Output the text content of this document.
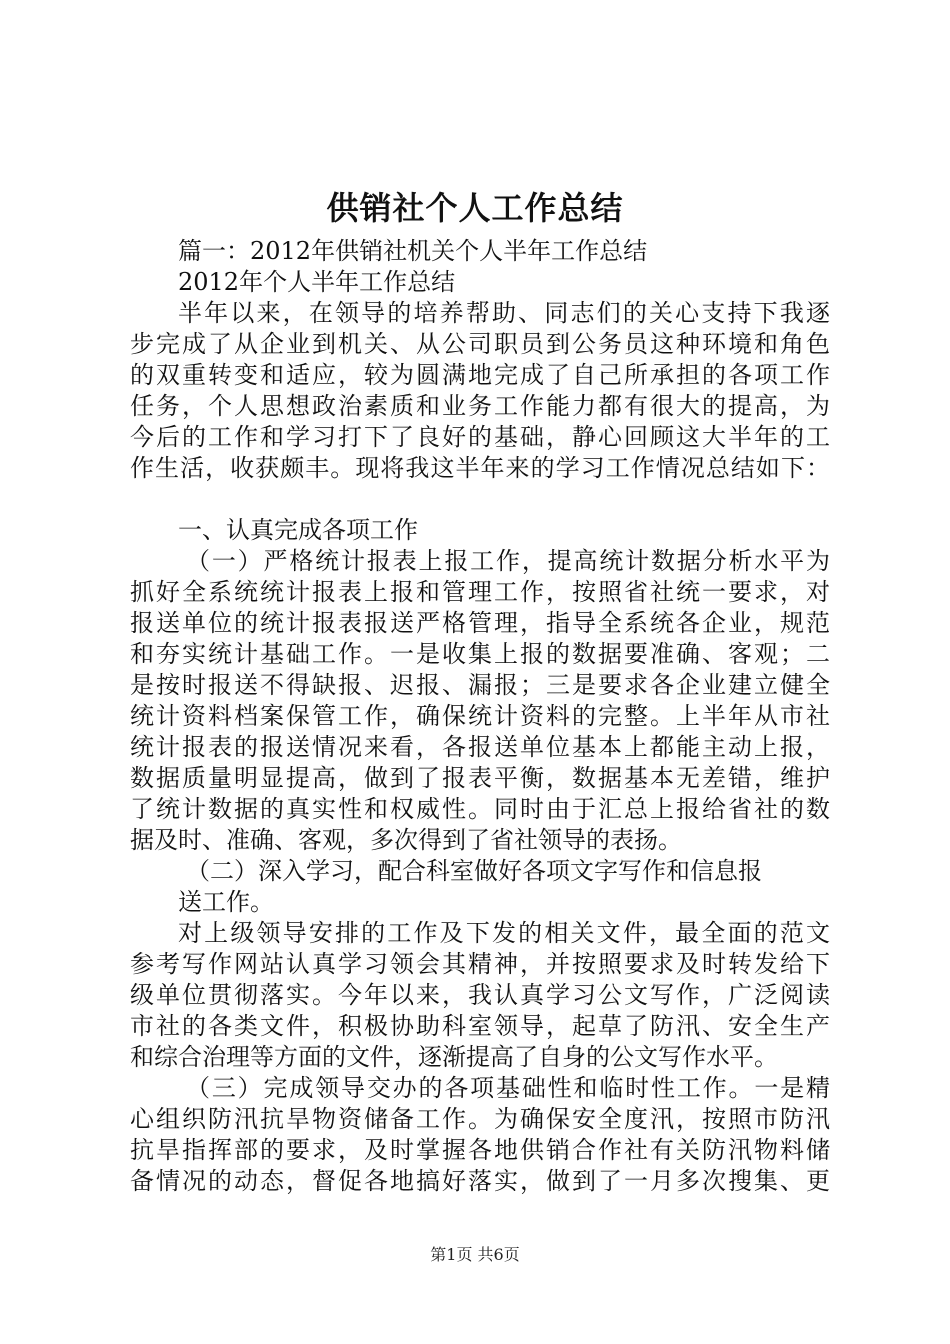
供销社个人工作总结
篇一：2012年供销社机关个人半年工作总结
2012年个人半年工作总结
半年以来，在领导的培养帮助、同志们的关心支持下我逐
步完成了从企业到机关、从公司职员到公务员这种环境和角色
的双重转变和适应，较为圆满地完成了自己所承担的各项工作
任务，个人思想政治素质和业务工作能力都有很大的提高，为
今后的工作和学习打下了良好的基础，静心回顾这大半年的工
作生活，收获颇丰。现将我这半年来的学习工作情况总结如下：
一、认真完成各项工作
（一）严格统计报表上报工作，提高统计数据分析水平为
抓好全系统统计报表上报和管理工作，按照省社统一要求，对
报送单位的统计报表报送严格管理，指导全系统各企业，规范
和夯实统计基础工作。一是收集上报的数据要准确、客观；二
是按时报送不得缺报、迟报、漏报；三是要求各企业建立健全
统计资料档案保管工作，确保统计资料的完整。上半年从市社
统计报表的报送情况来看，各报送单位基本上都能主动上报，
数据质量明显提高，做到了报表平衡，数据基本无差错，维护
了统计数据的真实性和权威性。同时由于汇总上报给省社的数
据及时、准确、客观，多次得到了省社领导的表扬。
（二）深入学习，配合科室做好各项文字写作和信息报
送工作。
对上级领导安排的工作及下发的相关文件，最全面的范文
参考写作网站认真学习领会其精神，并按照要求及时转发给下
级单位贯彻落实。今年以来，我认真学习公文写作，广泛阅读
市社的各类文件，积极协助科室领导，起草了防汛、安全生产
和综合治理等方面的文件，逐渐提高了自身的公文写作水平。
（三）完成领导交办的各项基础性和临时性工作。一是精
心组织防汛抗旱物资储备工作。为确保安全度汛，按照市防汛
抗旱指挥部的要求，及时掌握各地供销合作社有关防汛物料储
备情况的动态，督促各地搞好落实，做到了一月多次搜集、更
第1页 共6页
